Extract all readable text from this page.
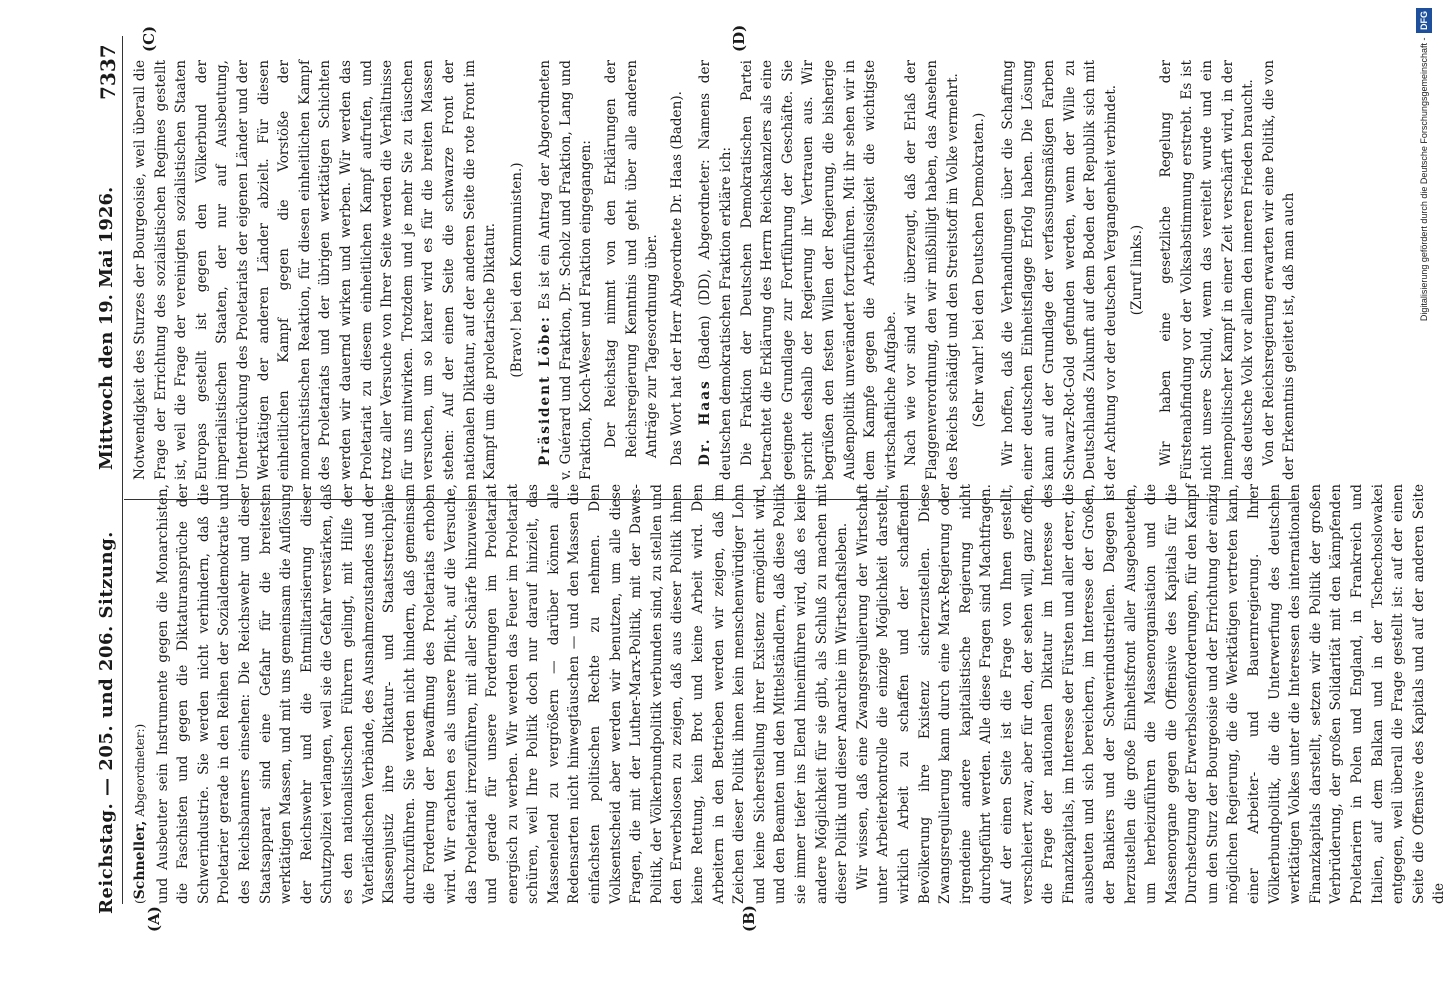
Reichstag. — 205. und 206. Sitzung.
Mittwoch den 19. Mai 1926.
7337
(A)	(B)
(C)	(D)
(Schneller, Abgeordneter:) und Ausbeuter sein Instrumente gegen die Monarchisten, die Faschisten und gegen die Diktaturansprüche der Schwerindustrie. Sie werden nicht verhindern, daß die Proletarier gerade in den Reihen der Sozialdemokratie und des Reichsbanners einsehen: Die Reichswehr und dieser Staatsapparat sind eine Gefahr für die breitesten werktätigen Massen, und mit uns gemeinsam die Auflösung der Reichswehr und die Entmilitarisierung dieser Schutzpolizei verlangen, weil sie die Gefahr verstärken, daß es den nationalistischen Führern gelingt, mit Hilfe der Vaterländischen Verbände, des Ausnahmezustandes und der Klassenjustiz ihre Diktatur- und Staatsstreichpläne durchzuführen. Sie werden nicht hindern, daß gemeinsam die Forderung der Bewaffnung des Proletariats erhoben wird. Wir erachten es als unsere Pflicht, auf die Versuche, das Proletariat irrezuführen, mit aller Schärfe hinzuweisen und gerade für unsere Forderungen im Proletariat energisch zu werben. Wir werden das Feuer im Proletariat schüren, weil Ihre Politik doch nur darauf hinzielt, das Massenelend zu vergrößern — darüber können alle Redensarten nicht hinwegtäuschen — und den Massen die einfachsten politischen Rechte zu nehmen. Den Volksentscheid aber werden wir benutzen, um alle diese Fragen, die mit der Luther-Marx-Politik, mit der Dawes-Politik, der Völkerbundpolitik verbunden sind, zu stellen und den Erwerbslosen zu zeigen, daß aus dieser Politik ihnen keine Rettung, kein Brot und keine Arbeit wird. Den Arbeitern in den Betrieben werden wir zeigen, daß im Zeichen dieser Politik ihnen kein menschenwürdiger Lohn und keine Sicherstellung ihrer Existenz ermöglicht wird, und den Beamten und den Mittelständlern, daß diese Politik sie immer tiefer ins Elend hineinführen wird, daß es keine andere Möglichkeit für sie gibt, als Schluß zu machen mit dieser Politik und dieser Anarchie im Wirtschaftsleben. Wir wissen, daß eine Zwangsregulierung der Wirtschaft unter Arbeiterkontrolle die einzige Möglichkeit darstellt, wirklich Arbeit zu schaffen und der schaffenden Bevölkerung ihre Existenz sicherzustellen. Diese Zwangsregulierung kann durch eine Marx-Regierung oder irgendeine andere kapitalistische Regierung nicht durchgeführt werden. Alle diese Fragen sind Machtfragen. Auf der einen Seite ist die Frage von Ihnen gestellt, verschleiert zwar, aber für den, der sehen will, ganz offen, die Frage der nationalen Diktatur im Interesse des Finanzkapitals, im Interesse der Fürsten und aller derer, die ausbeuten und sich bereichern, im Interesse der Großen, der Bankiers und der Schwerindustriellen. Dagegen ist herzustellen die große Einheitsfront aller Ausgebeuteten, um herbeizuführen die Massenorganisation und die Massenorgane gegen die Offensive des Kapitals für die Durchsetzung der Erwerbslosenforderungen, für den Kampf um den Sturz der Bourgeoisie und der Errichtung der einzig möglichen Regierung, die die Werktätigen vertreten kann, einer Arbeiter- und Bauernregierung. Ihrer Völkerbundpolitik, die die Unterwerfung des deutschen werktätigen Volkes unter die Interessen des internationalen Finanzkapitals darstellt, setzen wir die Politik der großen Verbrüderung, der großen Solidarität mit den kämpfenden Proletariern in Polen und England, in Frankreich und Italien, auf dem Balkan und in der Tschechoslowakei entgegen, weil überall die Frage gestellt ist: auf der einen Seite die Offensive des Kapitals und auf der anderen Seite die

Notwendigkeit des Sturzes der Bourgeoisie, weil überall die Frage der Errichtung des sozialistischen Regimes gestellt ist, weil die Frage der vereinigten sozialistischen Staaten Europas gestellt ist gegen den Völkerbund der imperialistischen Staaten, der nur auf Ausbeutung, Unterdrückung des Proletariats der eigenen Länder und der Werktätigen der anderen Länder abzielt. Für diesen einheitlichen Kampf gegen die Vorstöße der monarchistischen Reaktion, für diesen einheitlichen Kampf des Proletariats und der übrigen werktätigen Schichten werden wir dauernd wirken und werben. Wir werden das Proletariat zu diesem einheitlichen Kampf aufrufen, und trotz aller Versuche von Ihrer Seite werden die Verhältnisse für uns mitwirken. Trotzdem und je mehr Sie zu täuschen versuchen, um so klarer wird es für die breiten Massen stehen: Auf der einen Seite die schwarze Front der nationalen Diktatur, auf der anderen Seite die rote Front im Kampf um die proletarische Diktatur. (Bravo! bei den Kommunisten.)

Präsident Löbe: Es ist ein Antrag der Abgeordneten v. Guérard und Fraktion, Dr. Scholz und Fraktion, Lang und Fraktion, Koch-Weser und Fraktion eingegangen: Der Reichstag nimmt von den Erklärungen der Reichsregierung Kenntnis und geht über alle anderen Anträge zur Tagesordnung über. Das Wort hat der Herr Abgeordnete Dr. Haas (Baden). Dr. Haas (Baden) (DD), Abgeordneter: Namens der deutschen demokratischen Fraktion erkläre ich: Die Fraktion der Deutschen Demokratischen Partei betrachtet die Erklärung des Herrn Reichskanzlers als eine geeignete Grundlage zur Fortführung der Geschäfte. Sie spricht deshalb der Regierung ihr Vertrauen aus. Wir begrüßen den festen Willen der Regierung, die bisherige Außenpolitik unverändert fortzuführen. Mit ihr sehen wir in dem Kampfe gegen die Arbeitslosigkeit die wichtigste wirtschaftliche Aufgabe. Nach wie vor sind wir überzeugt, daß der Erlaß der Flaggenverordnung, den wir mißbilligt haben, das Ansehen des Reichs schädigt und den Streitstoff im Volke vermehrt. (Sehr wahr! bei den Deutschen Demokraten.) Wir hoffen, daß die Verhandlungen über die Schaffung einer deutschen Einheitsflagge Erfolg haben. Die Lösung kann auf der Grundlage der verfassungsmäßigen Farben Schwarz-Rot-Gold gefunden werden, wenn der Wille zu Deutschlands Zukunft auf dem Boden der Republik sich mit der Achtung vor der deutschen Vergangenheit verbindet. (Zuruf links.) Wir haben eine gesetzliche Regelung der Fürstenabfindung vor der Volksabstimmung erstrebt. Es ist nicht unsere Schuld, wenn das vereitelt wurde und ein innenpolitischer Kampf in einer Zeit verschärft wird, in der das deutsche Volk vor allem den inneren Frieden braucht. Von der Reichsregierung erwarten wir eine Politik, die von der Erkenntnis geleitet ist, daß man auch

Digitalisierung gefördert durch die Deutsche Forschungsgemeinschaft - DFG
